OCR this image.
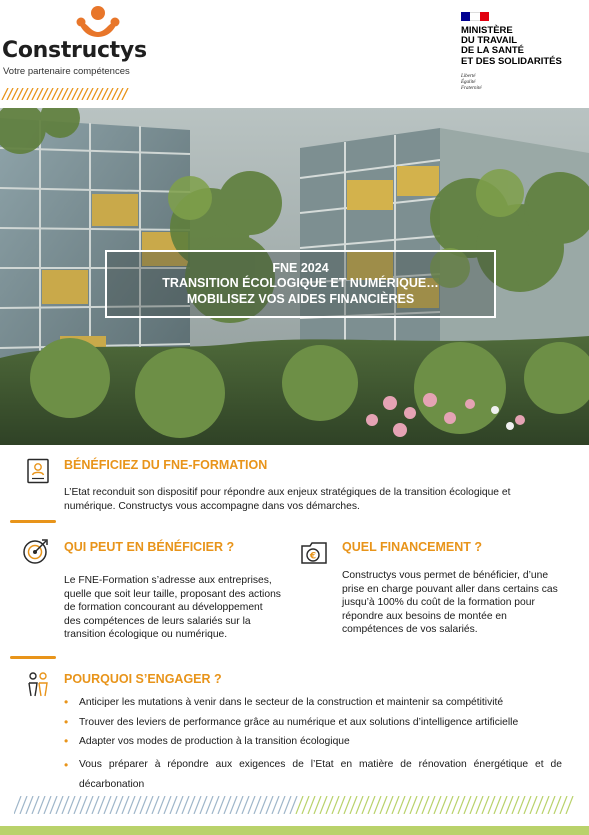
Constructys
Votre partenaire compétences
MINISTÈRE
DU TRAVAIL
DE LA SANTÉ
ET DES SOLIDARITÉS
Liberté
Égalité
Fraternité
FNE 2024
TRANSITION ÉCOLOGIQUE ET NUMÉRIQUE…
MOBILISEZ VOS AIDES FINANCIÈRES
BÉNÉFICIEZ DU FNE-FORMATION
L’Etat reconduit son dispositif pour répondre aux enjeux stratégiques de la transition écologique et numérique. Constructys vous accompagne dans vos démarches.
QUI PEUT EN BÉNÉFICIER ?
Le FNE-Formation s’adresse aux entreprises, quelle que soit leur taille, proposant des actions de formation concourant au développement des compétences de leurs salariés sur la transition écologique ou numérique.
€
QUEL FINANCEMENT ?
Constructys vous permet de bénéficier, d’une prise en charge pouvant aller dans certains cas jusqu’à 100% du coût de la formation pour répondre aux besoins de montée en compétences de vos salariés.
POURQUOI S’ENGAGER ?
• Anticiper les mutations à venir dans le secteur de la construction et maintenir sa compétitivité
• Trouver des leviers de performance grâce au numérique et aux solutions d’intelligence artificielle
• Adapter vos modes de production à la transition écologique
• Vous préparer à répondre aux exigences de l’Etat en matière de rénovation énergétique et de décarbonation
